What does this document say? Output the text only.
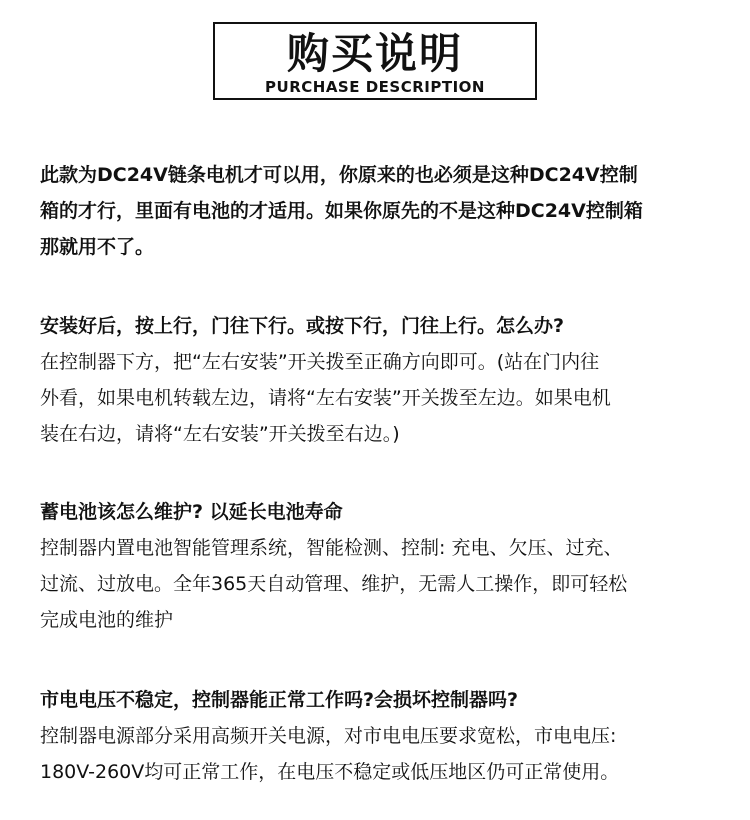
购买说明
PURCHASE DESCRIPTION
此款为DC24V链条电机才可以用，你原来的也必须是这种DC24V控制
箱的才行，里面有电池的才适用。如果你原先的不是这种DC24V控制箱
那就用不了。
安装好后，按上行，门往下行。或按下行，门往上行。怎么办?
在控制器下方，把“左右安装”开关拨至正确方向即可。(站在门内往
外看，如果电机转载左边，请将“左右安装”开关拨至左边。如果电机
装在右边，请将“左右安装”开关拨至右边。)
蓄电池该怎么维护? 以延长电池寿命
控制器内置电池智能管理系统，智能检测、控制: 充电、欠压、过充、
过流、过放电。全年365天自动管理、维护，无需人工操作，即可轻松
完成电池的维护
市电电压不稳定，控制器能正常工作吗?会损坏控制器吗?
控制器电源部分采用高频开关电源，对市电电压要求宽松，市电电压:
180V-260V均可正常工作，在电压不稳定或低压地区仍可正常使用。
